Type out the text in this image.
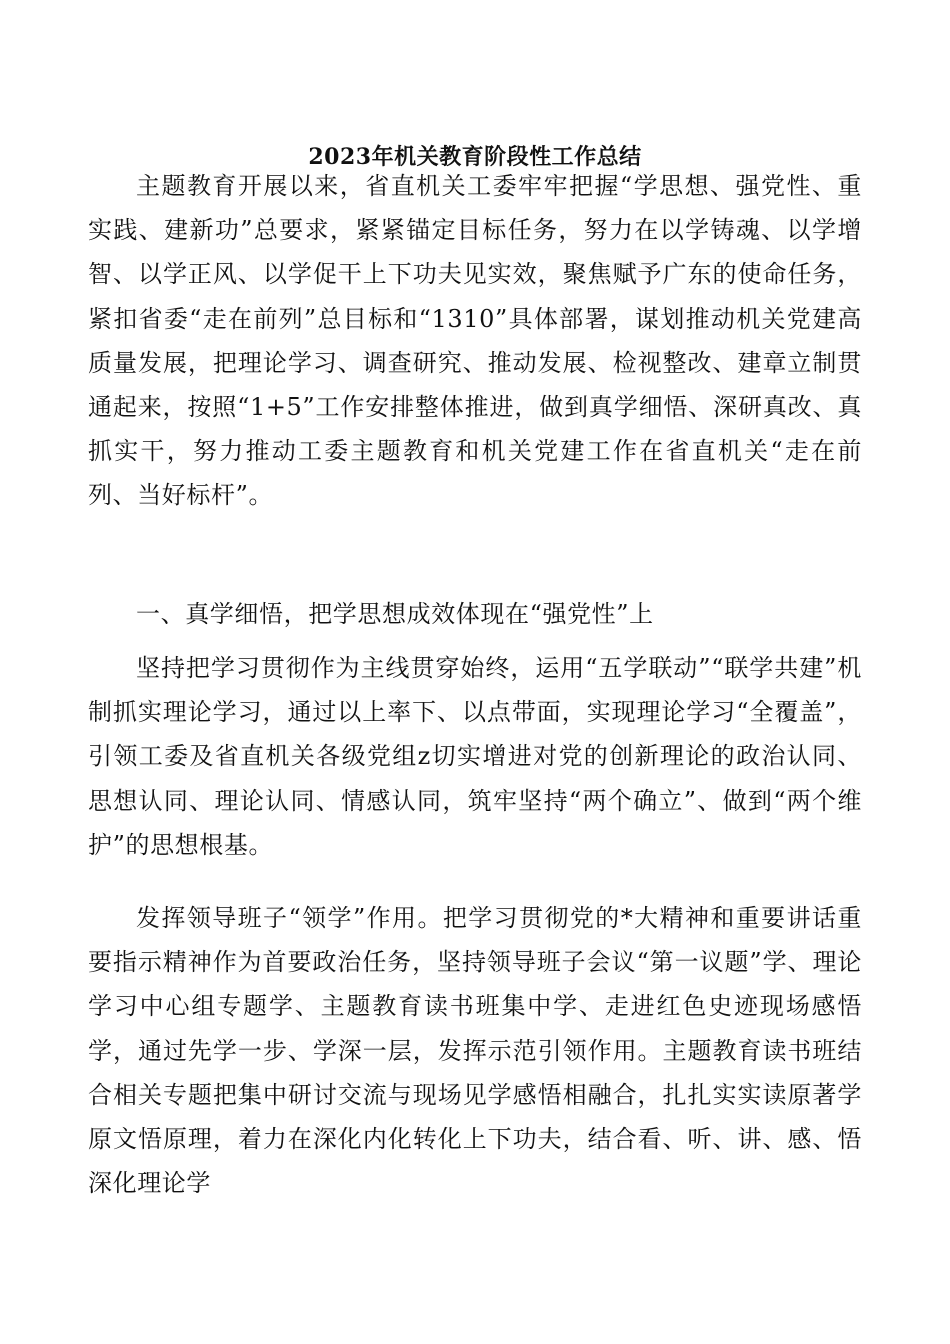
2023年机关教育阶段性工作总结

主题教育开展以来，省直机关工委牢牢把握“学思想、强党性、重实践、建新功”总要求，紧紧锚定目标任务，努力在以学铸魂、以学增智、以学正风、以学促干上下功夫见实效，聚焦赋予广东的使命任务，紧扣省委“走在前列”总目标和“1310”具体部署，谋划推动机关党建高质量发展，把理论学习、调查研究、推动发展、检视整改、建章立制贯通起来，按照“1+5”工作安排整体推进，做到真学细悟、深研真改、真抓实干，努力推动工委主题教育和机关党建工作在省直机关“走在前列、当好标杆”。

一、真学细悟，把学思想成效体现在“强党性”上

坚持把学习贯彻作为主线贯穿始终，运用“五学联动”“联学共建”机制抓实理论学习，通过以上率下、以点带面，实现理论学习“全覆盖”，引领工委及省直机关各级党组z切实增进对党的创新理论的政治认同、思想认同、理论认同、情感认同，筑牢坚持“两个确立”、做到“两个维护”的思想根基。

发挥领导班子“领学”作用。把学习贯彻党的*大精神和重要讲话重要指示精神作为首要政治任务，坚持领导班子会议“第一议题”学、理论学习中心组专题学、主题教育读书班集中学、走进红色史迹现场感悟学，通过先学一步、学深一层，发挥示范引领作用。主题教育读书班结合相关专题把集中研讨交流与现场见学感悟相融合，扎扎实实读原著学原文悟原理，着力在深化内化转化上下功夫，结合看、听、讲、感、悟深化理论学
